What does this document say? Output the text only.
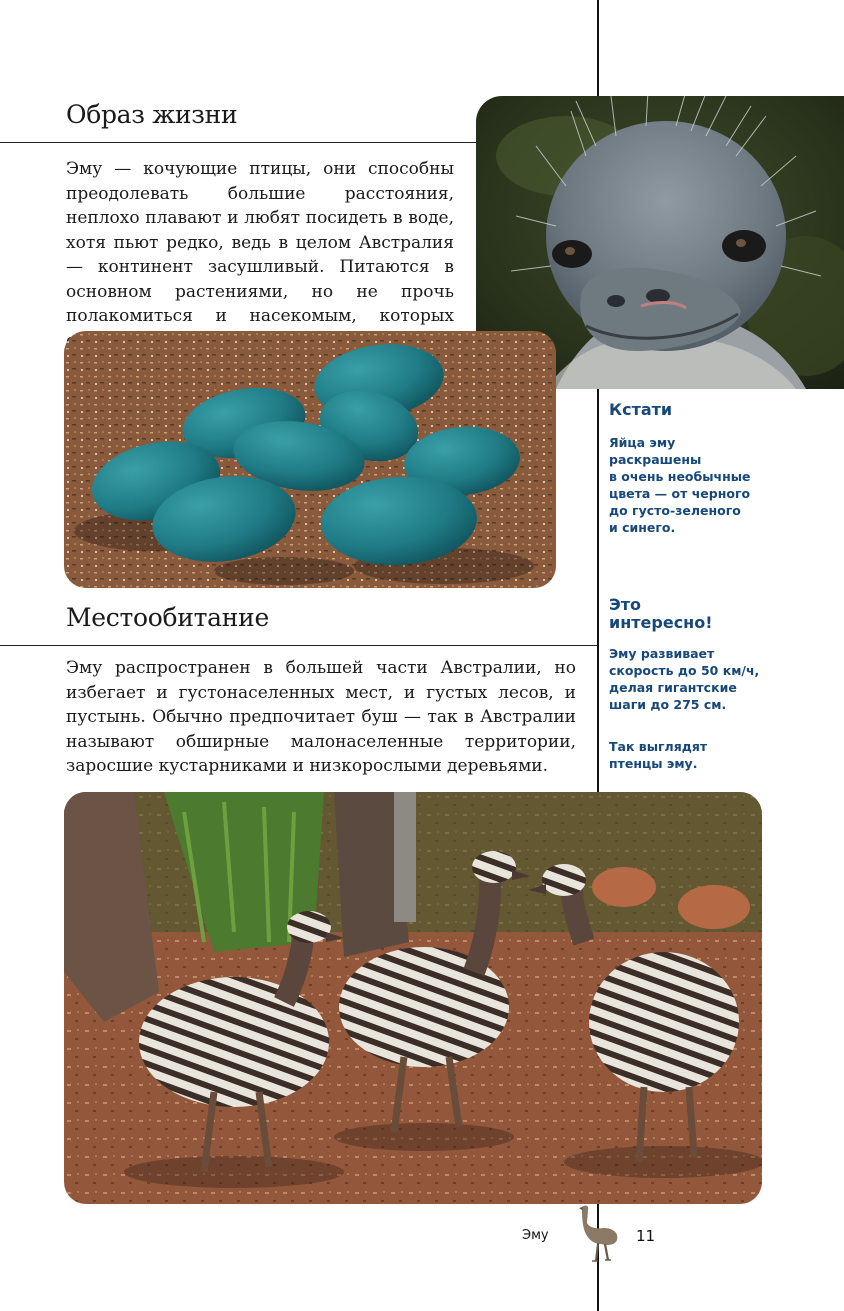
Образ жизни

Эму — кочующие птицы, они способны преодолевать большие расстояния, неплохо плавают и любят посидеть в воде, хотя пьют редко, ведь в целом Австралия — континент засушливый. Питаются в основном растениями, но не прочь полакомиться и насекомым, которых

Местообитание

Эму распространен в большей части Австралии, но избегает и густонаселенных мест, и густых лесов, и пустынь. Обычно предпочитает буш — так в Австралии называют обширные малонаселенные территории, заросшие кустарниками и низкорослыми деревьями.

Кстати

Яйца эму
раскрашены
в очень необычные
цвета — от черного
до густо-зеленого
и синего.

Это
интересно!

Эму развивает
скорость до 50 км/ч,
делая гигантские
шаги до 275 см.

Так выглядят
птенцы эму.

Эму	11
